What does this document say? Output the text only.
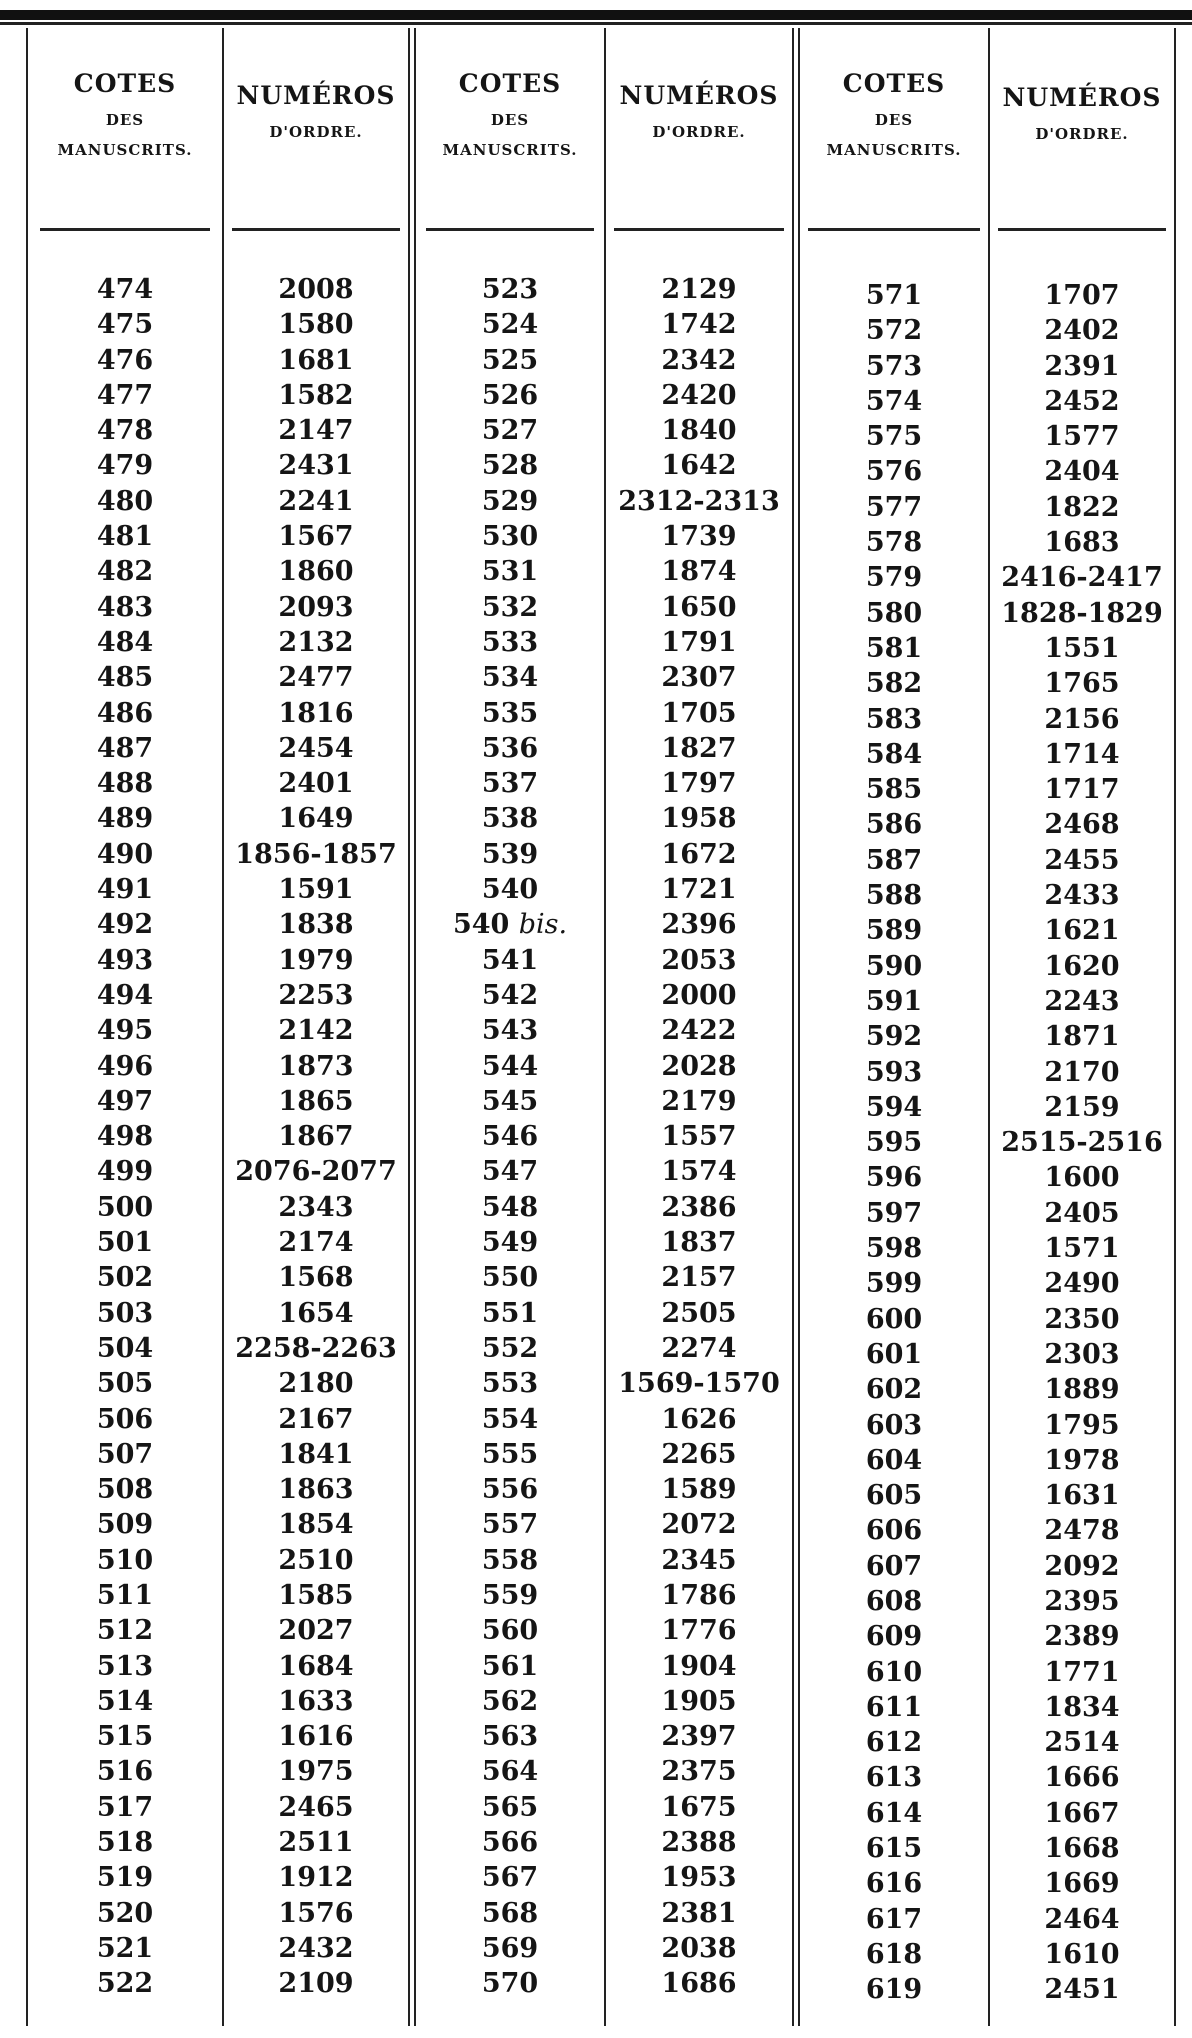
COTES
DES
MANUSCRITS.
NUMÉROS
D'ORDRE.
COTES
DES
MANUSCRITS.
NUMÉROS
D'ORDRE.
COTES
DES
MANUSCRITS.
NUMÉROS
D'ORDRE.
474
475
476
477
478
479
480
481
482
483
484
485
486
487
488
489
490
491
492
493
494
495
496
497
498
499
500
501
502
503
504
505
506
507
508
509
510
511
512
513
514
515
516
517
518
519
520
521
522
2008
1580
1681
1582
2147
2431
2241
1567
1860
2093
2132
2477
1816
2454
2401
1649
1856-1857
1591
1838
1979
2253
2142
1873
1865
1867
2076-2077
2343
2174
1568
1654
2258-2263
2180
2167
1841
1863
1854
2510
1585
2027
1684
1633
1616
1975
2465
2511
1912
1576
2432
2109
523
524
525
526
527
528
529
530
531
532
533
534
535
536
537
538
539
540
540 bis.
541
542
543
544
545
546
547
548
549
550
551
552
553
554
555
556
557
558
559
560
561
562
563
564
565
566
567
568
569
570
2129
1742
2342
2420
1840
1642
2312-2313
1739
1874
1650
1791
2307
1705
1827
1797
1958
1672
1721
2396
2053
2000
2422
2028
2179
1557
1574
2386
1837
2157
2505
2274
1569-1570
1626
2265
1589
2072
2345
1786
1776
1904
1905
2397
2375
1675
2388
1953
2381
2038
1686
571
572
573
574
575
576
577
578
579
580
581
582
583
584
585
586
587
588
589
590
591
592
593
594
595
596
597
598
599
600
601
602
603
604
605
606
607
608
609
610
611
612
613
614
615
616
617
618
619
1707
2402
2391
2452
1577
2404
1822
1683
2416-2417
1828-1829
1551
1765
2156
1714
1717
2468
2455
2433
1621
1620
2243
1871
2170
2159
2515-2516
1600
2405
1571
2490
2350
2303
1889
1795
1978
1631
2478
2092
2395
2389
1771
1834
2514
1666
1667
1668
1669
2464
1610
2451
